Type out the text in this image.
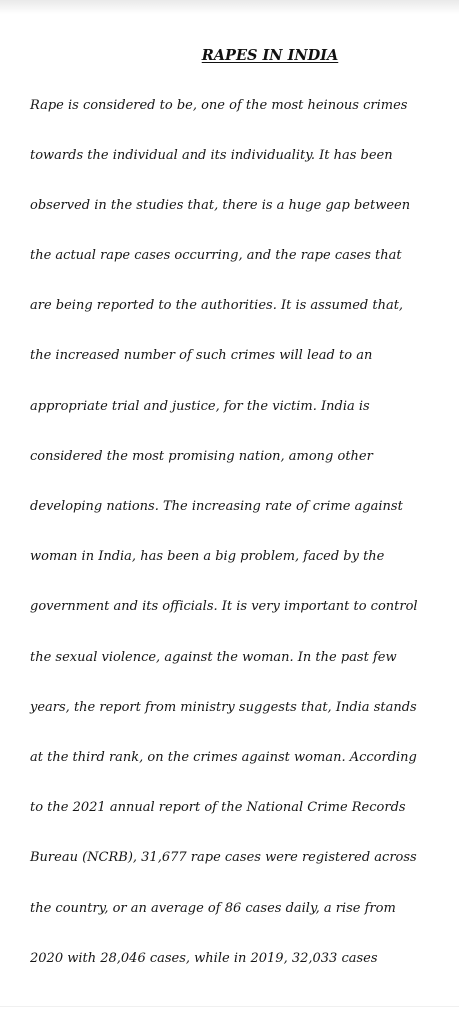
RAPES IN INDIA
Rape is considered to be, one of the most heinous crimes
towards the individual and its individuality. It has been
observed in the studies that, there is a huge gap between
the actual rape cases occurring, and the rape cases that
are being reported to the authorities. It is assumed that,
the increased number of such crimes will lead to an
appropriate trial and justice, for the victim. India is
considered the most promising nation, among other
developing nations. The increasing rate of crime against
woman in India, has been a big problem, faced by the
government and its officials. It is very important to control
the sexual violence, against the woman. In the past few
years, the report from ministry suggests that, India stands
at the third rank, on the crimes against woman. According
to the 2021 annual report of the National Crime Records
Bureau (NCRB), 31,677 rape cases were registered across
the country, or an average of 86 cases daily, a rise from
2020 with 28,046 cases, while in 2019, 32,033 cases
